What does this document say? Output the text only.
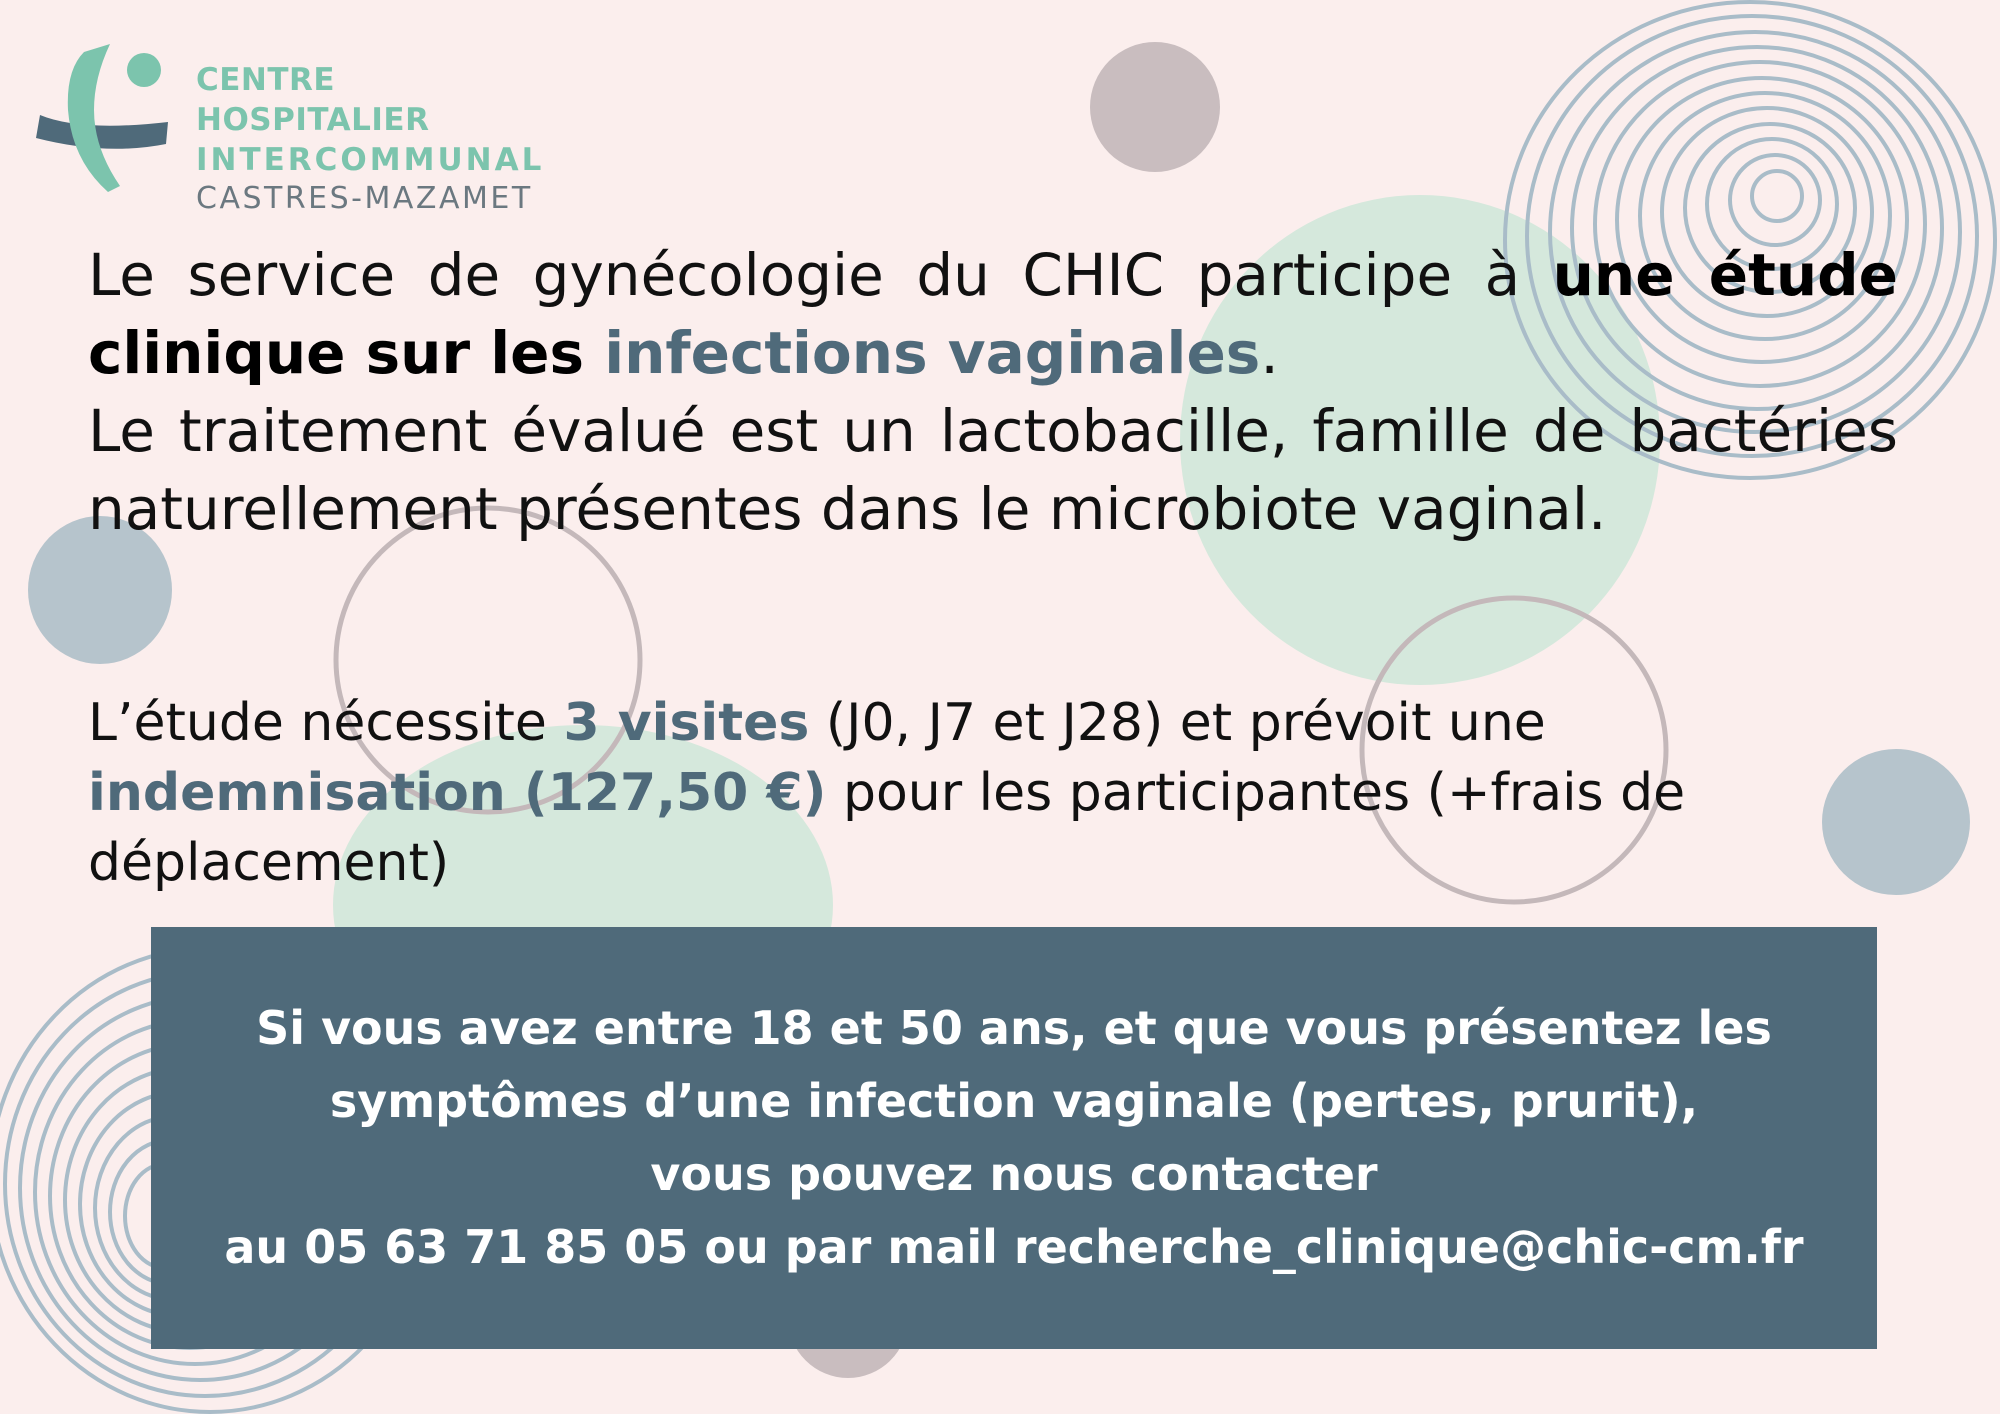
CENTRE HOSPITALIER
INTERCOMMUNAL
CASTRES-MAZAMET
Le service de gynécologie du CHIC participe à une étude clinique sur les infections vaginales.
Le traitement évalué est un lactobacille, famille de bactéries naturellement présentes dans le microbiote vaginal.
L’étude nécessite 3 visites (J0, J7 et J28) et prévoit une indemnisation (127,50 €) pour les participantes (+frais de déplacement)
Si vous avez entre 18 et 50 ans, et que vous présentez les
symptômes d’une infection vaginale (pertes, prurit),
vous pouvez nous contacter
au 05 63 71 85 05 ou par mail recherche_clinique@chic-cm.fr
